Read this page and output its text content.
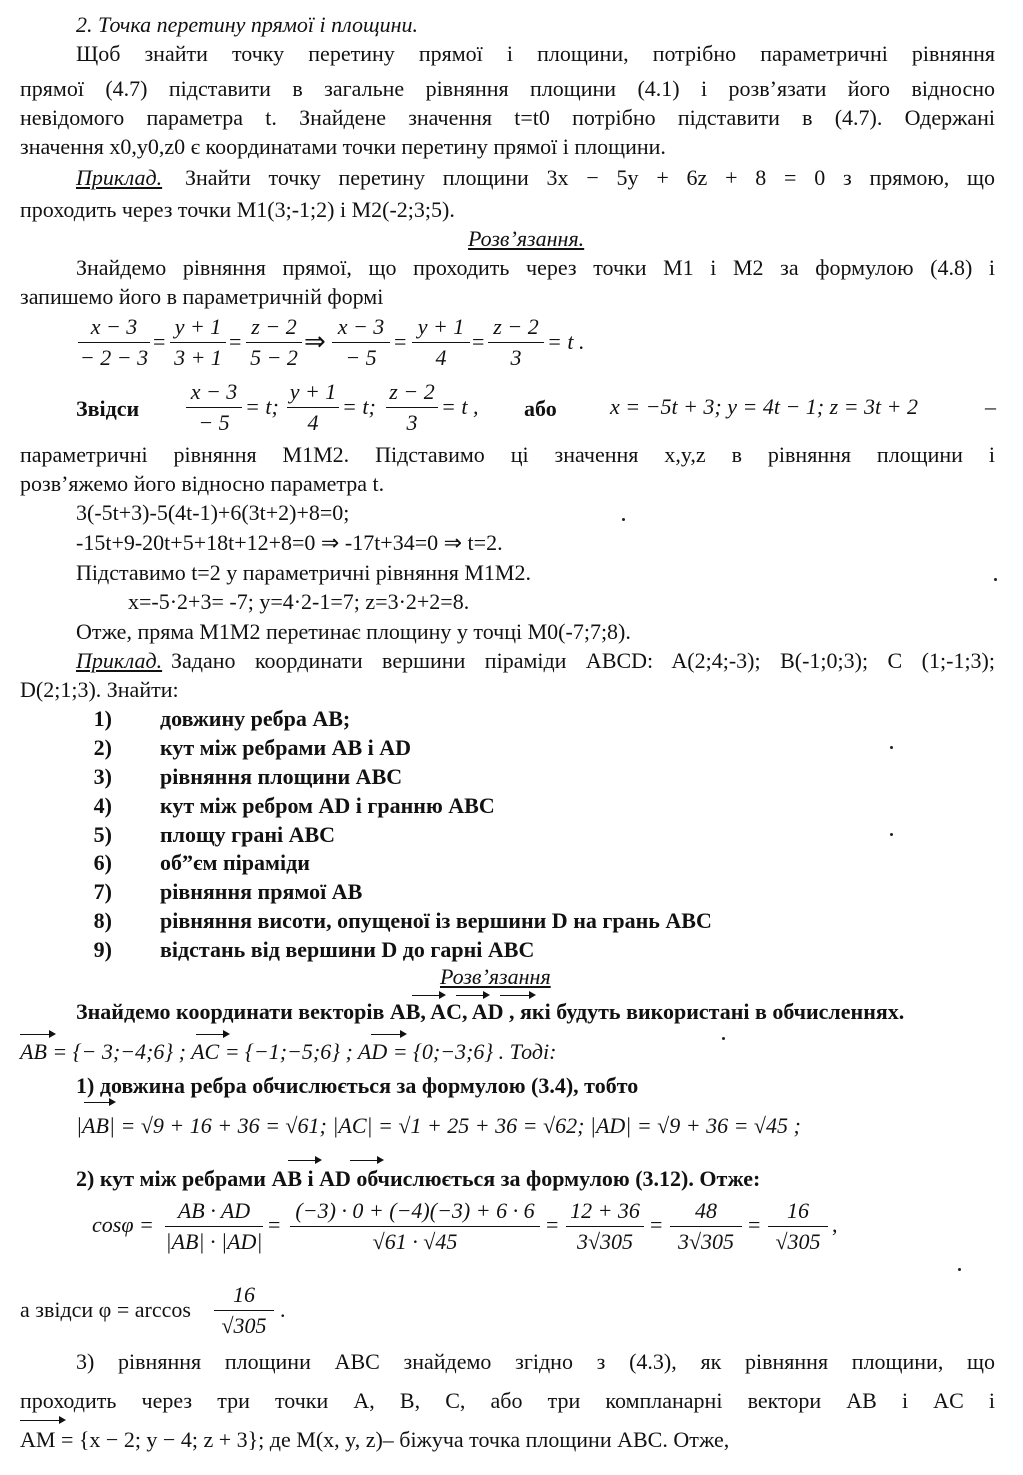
2. Точка перетину прямої і площини.
Щоб знайти точку перетину прямої і площини, потрібно параметричні рівняння
прямої (4.7) підставити в загальне рівняння площини (4.1) і розв’язати його відносно
невідомого параметра t. Знайдене значення t=t0 потрібно підставити в (4.7). Одержані
значення x0,y0,z0 є координатами точки перетину прямої і площини.
Приклад. Знайти точку перетину площини 3x − 5y + 6z + 8 = 0 з прямою, що
проходить через точки M1(3;-1;2) і M2(-2;3;5).
Розв’язання.
Знайдемо рівняння прямої, що проходить через точки M1 і M2 за формулою (4.8) і
запишемо його в параметричній формі
x − 3
− 2 − 3
=
y + 1
3 + 1
=
z − 2
5 − 2
⇒
x − 3
− 5
=
y + 1
4
=
z − 2
3
= t .
Звідси
x − 3
− 5
= t;
y + 1
4
= t;
z − 2
3
= t , або x = −5t + 3; y = 4t − 1; z = 3t + 2	–
параметричні рівняння M1M2. Підставимо ці значення x,y,z в рівняння площини і
розв’яжемо його відносно параметра t.
3(-5t+3)-5(4t-1)+6(3t+2)+8=0;
-15t+9-20t+5+18t+12+8=0 ⇒ -17t+34=0 ⇒ t=2.
Підставимо t=2 у параметричні рівняння M1M2.
x=-5·2+3= -7; y=4·2-1=7; z=3·2+2=8.
Отже, пряма M1M2 перетинає площину у точці M0(-7;7;8).
Приклад. Задано координати вершини піраміди ABCD: A(2;4;-3); B(-1;0;3); C (1;-1;3);
D(2;1;3). Знайти:
1) довжину ребра AB;
2) кут між ребрами AB і AD
3) рівняння площини ABC
4) кут між ребром AD і гранню ABC
5) площу грані ABC
6) об”єм піраміди
7) рівняння прямої AB
8) рівняння висоти, опущеної із вершини D на грань ABC
9) відстань від вершини D до гарні ABC
Розв’язання
Знайдемо координати векторів AB, AC, AD , які будуть використані в обчисленнях.
AB = {− 3;−4;6} ; AC = {−1;−5;6} ; AD = {0;−3;6} . Тоді:
1) довжина ребра обчислюється за формулою (3.4), тобто
|AB| = √9 + 16 + 36 = √61; |AC| = √1 + 25 + 36 = √62; |AD| = √9 + 36 = √45 ;
2) кут між ребрами AB і AD обчислюється за формулою (3.12). Отже:
cosφ =
AB · AD
|AB| · |AD|
=
(−3) · 0 + (−4)(−3) + 6 · 6
√61 · √45
=
12 + 36
3√305
=
48
3√305
=
16
√305
,
а звідси φ = arccos
16
√305
.
3) рівняння площини ABC знайдемо згідно з (4.3), як рівняння площини, що
проходить через три точки A, B, C, або три компланарні вектори AB і AC і
AM = {x − 2; y − 4; z + 3}; де M(x, y, z)– біжуча точка площини ABC. Отже,
